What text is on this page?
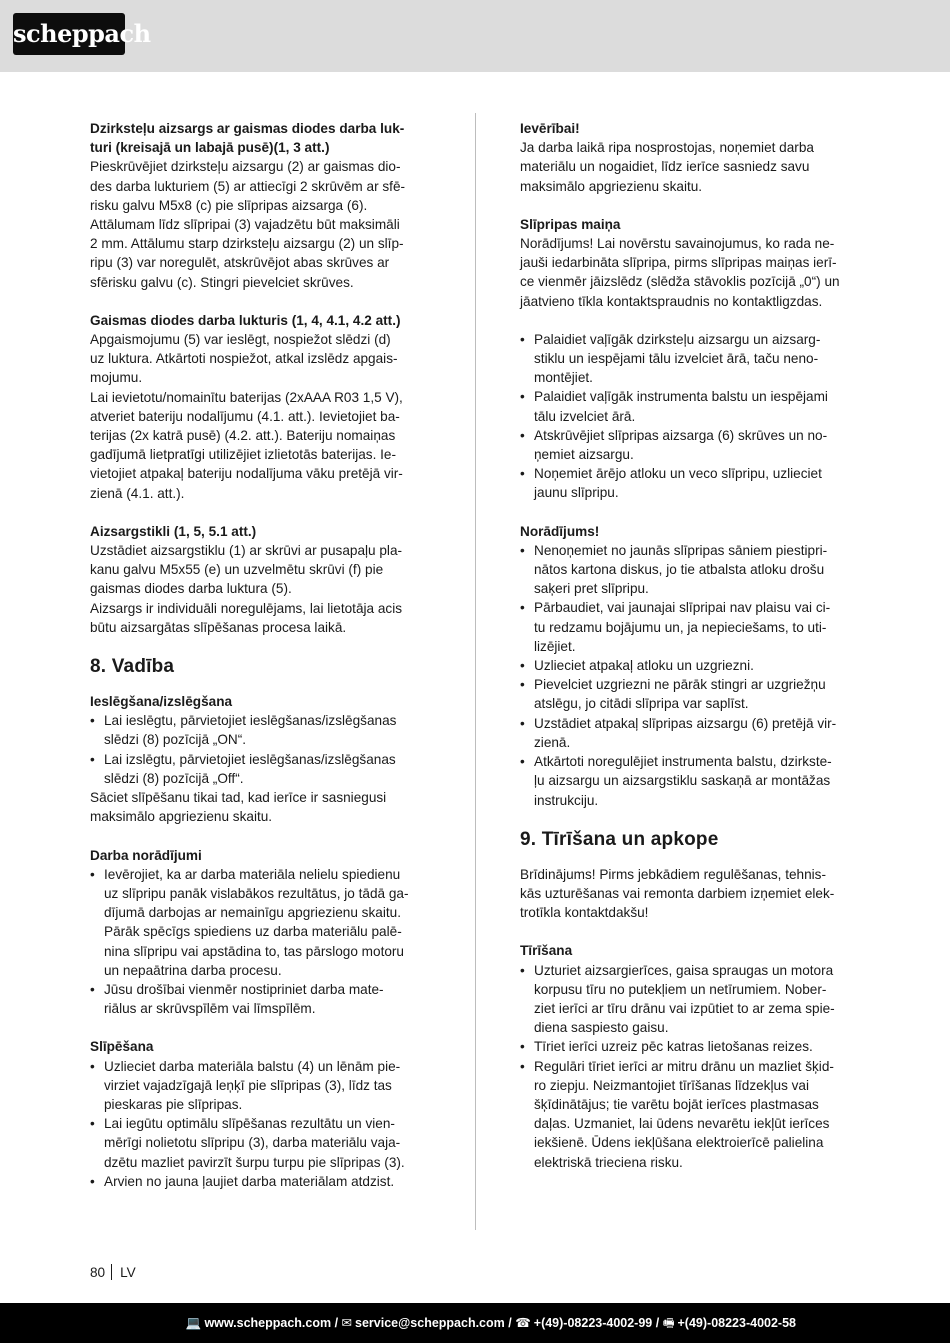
scheppach
Dzirksteļu aizsargs ar gaismas diodes darba luk-
turi (kreisajā un labajā pusē)(1, 3 att.)
Pieskrūvējiet dzirksteļu aizsargu (2) ar gaismas dio-
des darba lukturiem (5) ar attiecīgi 2 skrūvēm ar sfē-
risku galvu M5x8 (c) pie slīpripas aizsarga (6).
Attālumam līdz slīpripai (3) vajadzētu būt maksimāli
2 mm. Attālumu starp dzirksteļu aizsargu (2) un slīp-
ripu (3) var noregulēt, atskrūvējot abas skrūves ar
sfērisku galvu (c). Stingri pievelciet skrūves.
Gaismas diodes darba lukturis (1, 4, 4.1, 4.2 att.)
Apgaismojumu (5) var ieslēgt, nospiežot slēdzi (d)
uz luktura. Atkārtoti nospiežot, atkal izslēdz apgais-
mojumu.
Lai ievietotu/nomainītu baterijas (2xAAA R03 1,5 V),
atveriet bateriju nodalījumu (4.1. att.). Ievietojiet ba-
terijas (2x katrā pusē) (4.2. att.). Bateriju nomaiņas
gadījumā lietpratīgi utilizējiet izlietotās baterijas. Ie-
vietojiet atpakaļ bateriju nodalījuma vāku pretējā vir-
zienā (4.1. att.).
Aizsargstikli (1, 5, 5.1 att.)
Uzstādiet aizsargstiklu (1) ar skrūvi ar pusapaļu pla-
kanu galvu M5x55 (e) un uzvelmētu skrūvi (f) pie
gaismas diodes darba luktura (5).
Aizsargs ir individuāli noregulējams, lai lietotāja acis
būtu aizsargātas slīpēšanas procesa laikā.
8. Vadība
Ieslēgšana/izslēgšana
• Lai ieslēgtu, pārvietojiet ieslēgšanas/izslēgšanas
slēdzi (8) pozīcijā „ON“.
• Lai izslēgtu, pārvietojiet ieslēgšanas/izslēgšanas
slēdzi (8) pozīcijā „Off“.
Sāciet slīpēšanu tikai tad, kad ierīce ir sasniegusi
maksimālo apgriezienu skaitu.
Darba norādījumi
• Ievērojiet, ka ar darba materiāla nelielu spiedienu
uz slīpripu panāk vislabākos rezultātus, jo tādā ga-
dījumā darbojas ar nemainīgu apgriezienu skaitu.
Pārāk spēcīgs spiediens uz darba materiālu palē-
nina slīpripu vai apstādina to, tas pārslogo motoru
un nepaātrina darba procesu.
• Jūsu drošībai vienmēr nostipriniet darba mate-
riālus ar skrūvspīlēm vai līmspīlēm.
Slīpēšana
• Uzlieciet darba materiāla balstu (4) un lēnām pie-
virziet vajadzīgajā leņķī pie slīpripas (3), līdz tas
pieskaras pie slīpripas.
• Lai iegūtu optimālu slīpēšanas rezultātu un vien-
mērīgi nolietotu slīpripu (3), darba materiālu vaja-
dzētu mazliet pavirzīt šurpu turpu pie slīpripas (3).
• Arvien no jauna ļaujiet darba materiālam atdzist.
Ievērībai!
Ja darba laikā ripa nosprostojas, noņemiet darba
materiālu un nogaidiet, līdz ierīce sasniedz savu
maksimālo apgriezienu skaitu.
Slīpripas maiņa
Norādījums! Lai novērstu savainojumus, ko rada ne-
jauši iedarbināta slīpripa, pirms slīpripas maiņas ierī-
ce vienmēr jāizslēdz (slēdža stāvoklis pozīcijā „0“) un
jāatvieno tīkla kontaktspraudnis no kontaktligzdas.
• Palaidiet vaļīgāk dzirksteļu aizsargu un aizsarg-
stiklu un iespējami tālu izvelciet ārā, taču neno-
montējiet.
• Palaidiet vaļīgāk instrumenta balstu un iespējami
tālu izvelciet ārā.
• Atskrūvējiet slīpripas aizsarga (6) skrūves un no-
ņemiet aizsargu.
• Noņemiet ārējo atloku un veco slīpripu, uzlieciet
jaunu slīpripu.
Norādījums!
• Nenoņemiet no jaunās slīpripas sāniem piestipri-
nātos kartona diskus, jo tie atbalsta atloku drošu
saķeri pret slīpripu.
• Pārbaudiet, vai jaunajai slīpripai nav plaisu vai ci-
tu redzamu bojājumu un, ja nepieciešams, to uti-
lizējiet.
• Uzlieciet atpakaļ atloku un uzgriezni.
• Pievelciet uzgriezni ne pārāk stingri ar uzgriežņu
atslēgu, jo citādi slīpripa var saplīst.
• Uzstādiet atpakaļ slīpripas aizsargu (6) pretējā vir-
zienā.
• Atkārtoti noregulējiet instrumenta balstu, dzirkste-
ļu aizsargu un aizsargstiklu saskaņā ar montāžas
instrukciju.
9. Tīrīšana un apkope
Brīdinājums! Pirms jebkādiem regulēšanas, tehnis-
kās uzturēšanas vai remonta darbiem izņemiet elek-
trotīkla kontaktdakšu!
Tīrīšana
• Uzturiet aizsargierīces, gaisa spraugas un motora
korpusu tīru no putekļiem un netīrumiem. Nober-
ziet ierīci ar tīru drānu vai izpūtiet to ar zema spie-
diena saspiesto gaisu.
• Tīriet ierīci uzreiz pēc katras lietošanas reizes.
• Regulāri tīriet ierīci ar mitru drānu un mazliet šķid-
ro ziepju. Neizmantojiet tīrīšanas līdzekļus vai
šķīdinātājus; tie varētu bojāt ierīces plastmasas
daļas. Uzmaniet, lai ūdens nevarētu iekļūt ierīces
iekšienē. Ūdens iekļūšana elektroierīcē palielina
elektriskā trieciena risku.
80 LV
💻 www.scheppach.com / ✉ service@scheppach.com / ☎ +(49)-08223-4002-99 / 🖷 +(49)-08223-4002-58
